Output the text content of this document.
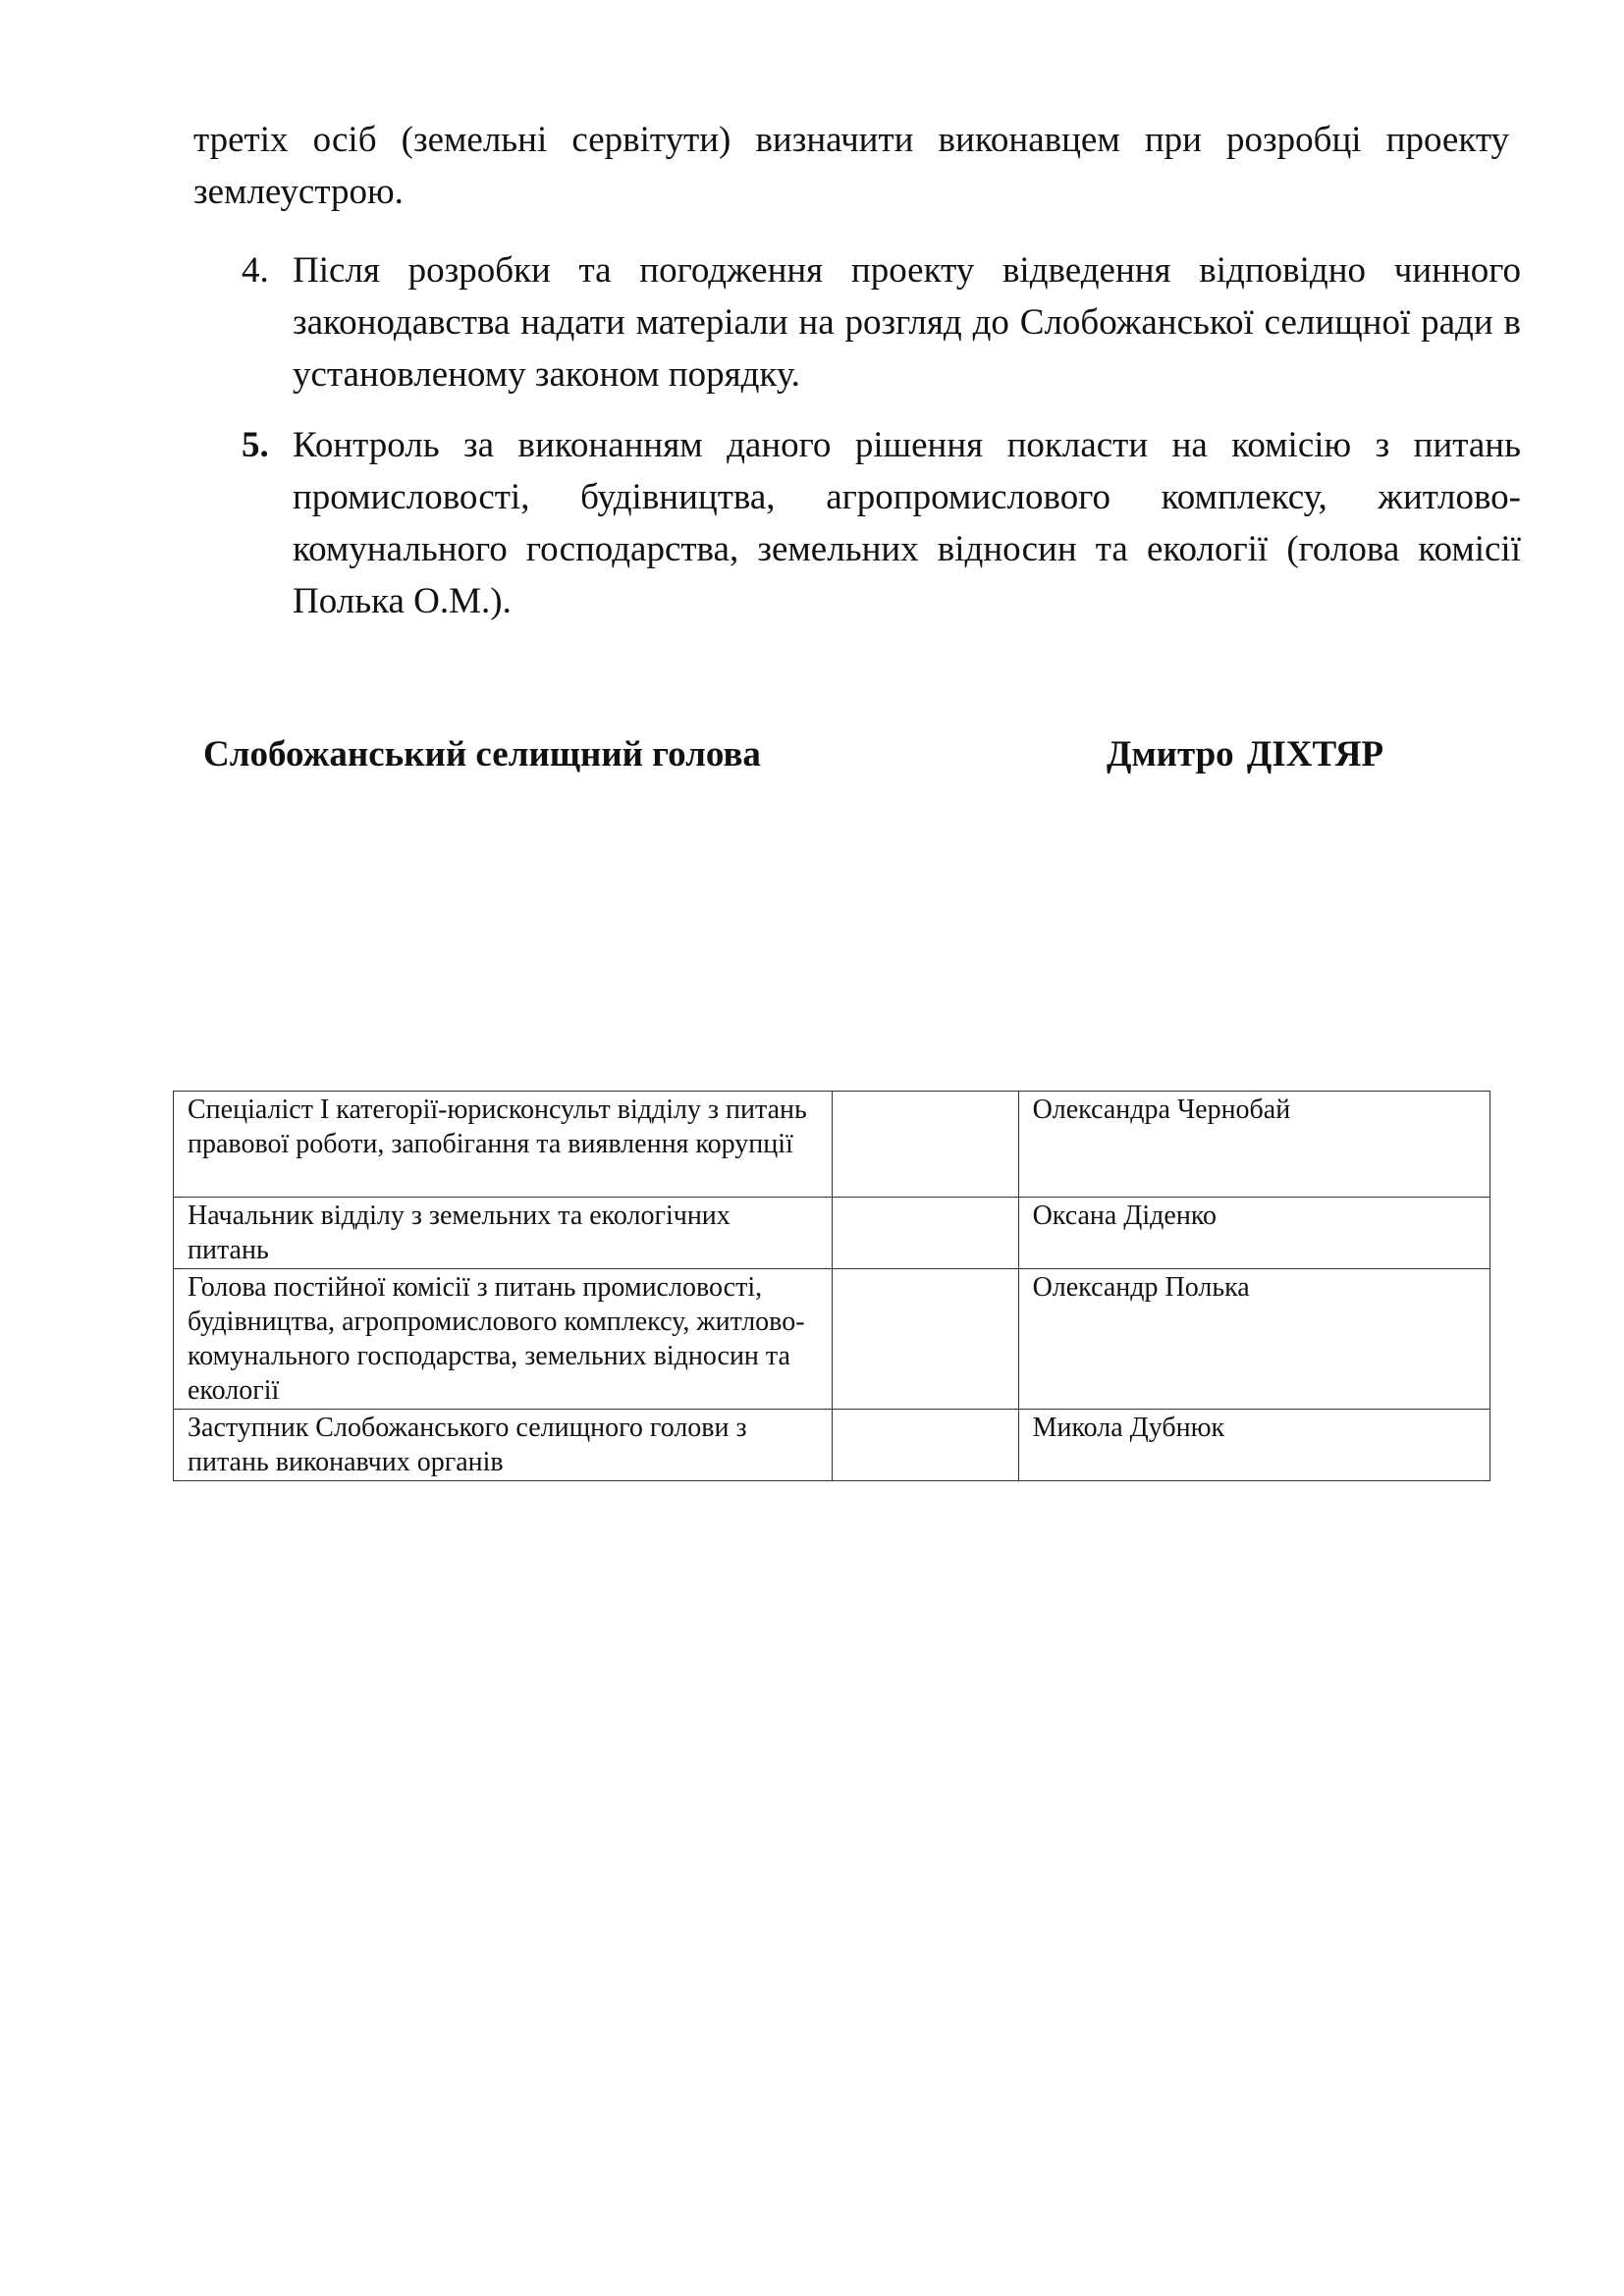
третіх осіб (земельні сервітути) визначити виконавцем при розробці проекту землеустрою.

4. Після розробки та погодження проекту відведення відповідно чинного законодавства надати матеріали на розгляд до Слобожанської селищної ради в установленому законом порядку.
5. Контроль за виконанням даного рішення покласти на комісію з питань промисловості, будівництва, агропромислового комплексу, житлово-комунального господарства, земельних відносин та екології (голова комісії Полька О.М.).
Слобожанський селищний голова	Дмитро ДІХТЯР
Спеціаліст І категорії-юрисконсульт відділу з питань правової роботи, запобігання та виявлення корупції		Олександра Чернобай
Начальник відділу з земельних та екологічних питань		Оксана Діденко
Голова постійної комісії з питань промисловості, будівництва, агропромислового комплексу, житлово-комунального господарства, земельних відносин та екології		Олександр Полька
Заступник Слобожанського селищного голови з питань виконавчих органів		Микола Дубнюк
